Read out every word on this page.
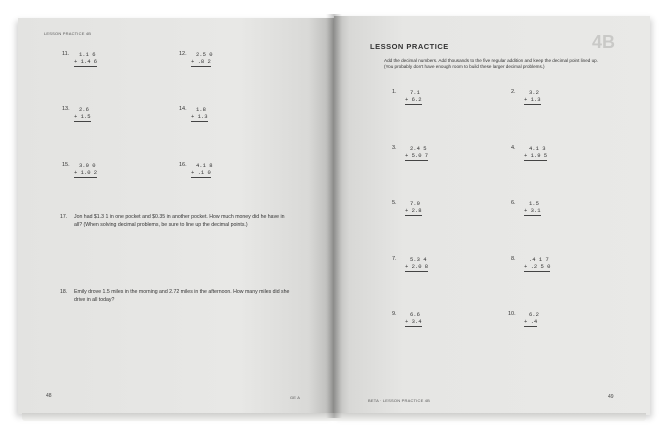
LESSON PRACTICE 4B
11. 1.1 6
+ 1.4 6
12. 2.5 0
+ .8 2
13. 2.6
+ 1.5
14. 1.8
+ 1.3
15. 3.0 0
+ 1.0 2
16. 4.1 8
+ .1 0
17. Jon had $1.3 1 in one pocket and $0.35 in another pocket. How much money did he have in all? (When solving decimal problems, be sure to line up the decimal points.)
18. Emily drove 1.5 miles in the morning and 2.72 miles in the afternoon. How many miles did she drive in all today?
48	GE A
LESSON PRACTICE	4B
Add the decimal numbers. Add thousands to the five regular addition and keep the decimal point lined up. (You probably don't have enough room to build these larger decimal problems.)
1. 7.1
+ 6.2
2. 3.2
+ 1.3
3. 2.4 5
+ 5.0 7
4. 4.1 3
+ 1.9 5
5. 7.0
+ 2.8
6. 1.5
+ 3.1
7. 5.3 4
+ 2.0 8
8. .4 1 7
+ .2 5 0
9. 6.6
+ 3.4
10. 6.2
+ .4
BETA · LESSON PRACTICE 4B
49
